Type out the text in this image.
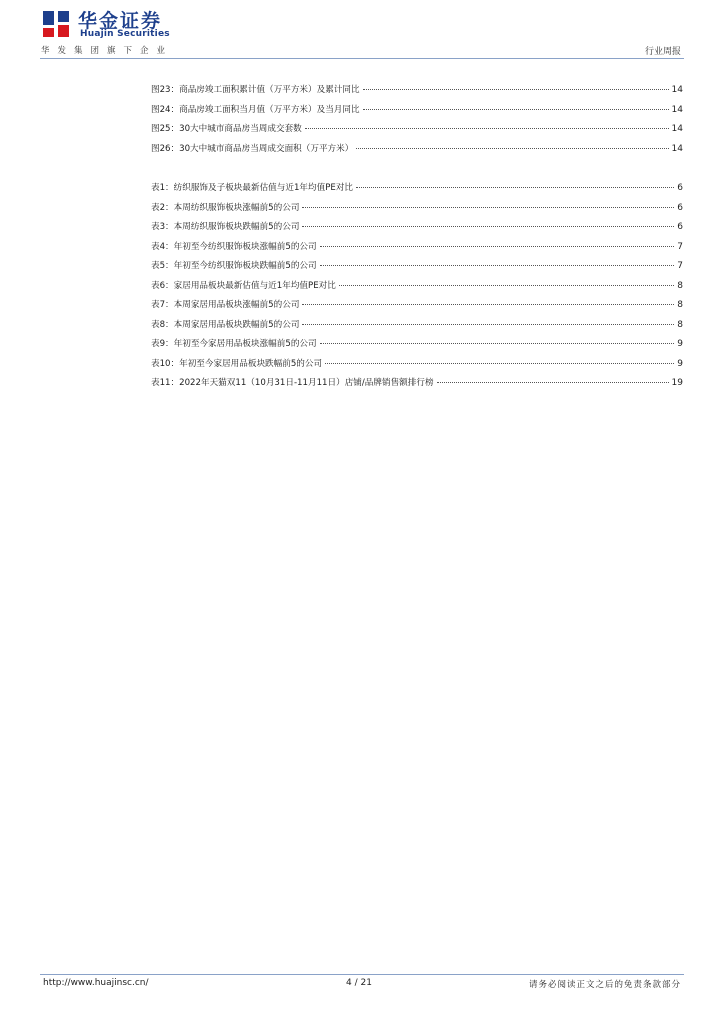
华金证券
Huajin Securities
华发集团旗下企业	行业周报
图23：商品房竣工面积累计值（万平方米）及累计同比	14
图24：商品房竣工面积当月值（万平方米）及当月同比	14
图25：30大中城市商品房当周成交套数	14
图26：30大中城市商品房当周成交面积（万平方米）	14
表1：纺织服饰及子板块最新估值与近1年均值PE对比	6
表2：本周纺织服饰板块涨幅前5的公司	6
表3：本周纺织服饰板块跌幅前5的公司	6
表4：年初至今纺织服饰板块涨幅前5的公司	7
表5：年初至今纺织服饰板块跌幅前5的公司	7
表6：家居用品板块最新估值与近1年均值PE对比	8
表7：本周家居用品板块涨幅前5的公司	8
表8：本周家居用品板块跌幅前5的公司	8
表9：年初至今家居用品板块涨幅前5的公司	9
表10：年初至今家居用品板块跌幅前5的公司	9
表11：2022年天猫双11（10月31日-11月11日）店铺/品牌销售额排行榜	19
http://www.huajinsc.cn/	4 / 21	请务必阅读正文之后的免责条款部分
